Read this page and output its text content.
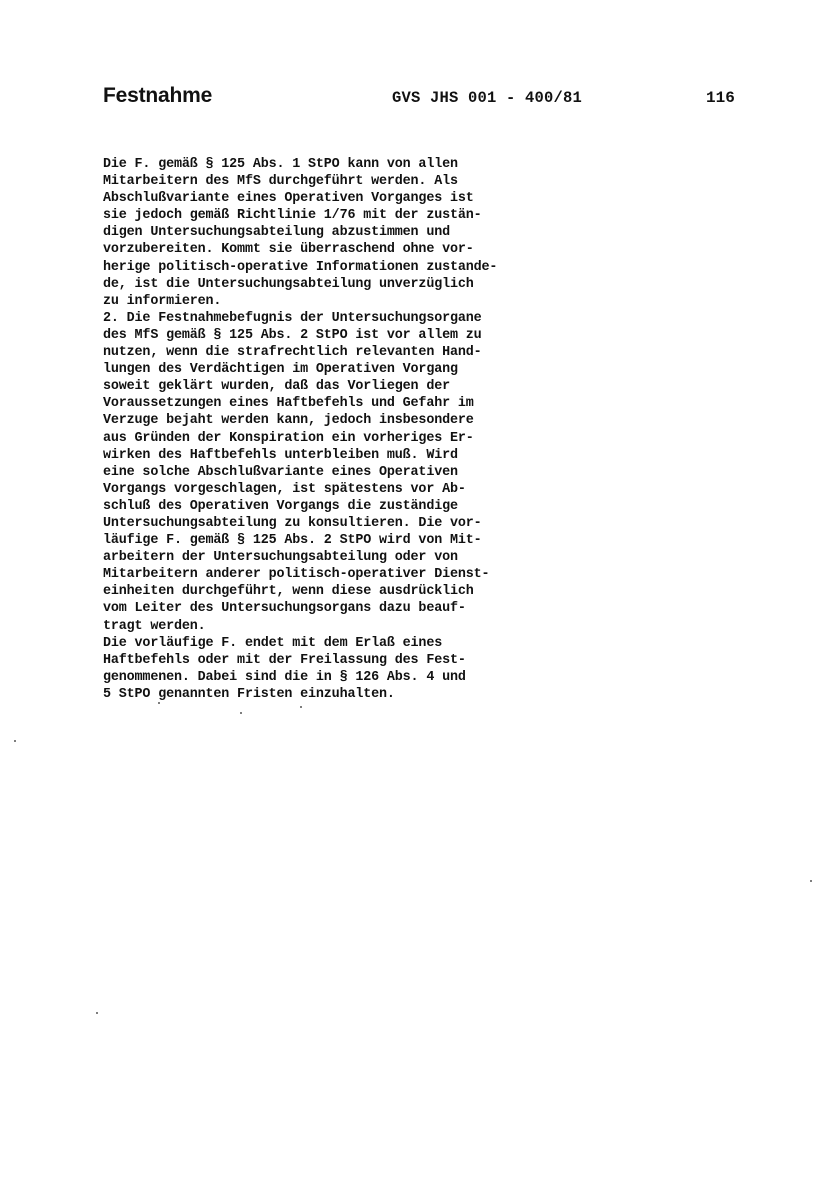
Festnahme	GVS JHS 001 - 400/81	116
Die F. gemäß § 125 Abs. 1 StPO kann von allen
Mitarbeitern des MfS durchgeführt werden. Als
Abschlußvariante eines Operativen Vorganges ist
sie jedoch gemäß Richtlinie 1/76 mit der zustän-
digen Untersuchungsabteilung abzustimmen und
vorzubereiten. Kommt sie überraschend ohne vor-
herige politisch-operative Informationen zustande-
de, ist die Untersuchungsabteilung unverzüglich
zu informieren.
2. Die Festnahmebefugnis der Untersuchungsorgane
des MfS gemäß § 125 Abs. 2 StPO ist vor allem zu
nutzen, wenn die strafrechtlich relevanten Hand-
lungen des Verdächtigen im Operativen Vorgang
soweit geklärt wurden, daß das Vorliegen der
Voraussetzungen eines Haftbefehls und Gefahr im
Verzuge bejaht werden kann, jedoch insbesondere
aus Gründen der Konspiration ein vorheriges Er-
wirken des Haftbefehls unterbleiben muß. Wird
eine solche Abschlußvariante eines Operativen
Vorgangs vorgeschlagen, ist spätestens vor Ab-
schluß des Operativen Vorgangs die zuständige
Untersuchungsabteilung zu konsultieren. Die vor-
läufige F. gemäß § 125 Abs. 2 StPO wird von Mit-
arbeitern der Untersuchungsabteilung oder von
Mitarbeitern anderer politisch-operativer Dienst-
einheiten durchgeführt, wenn diese ausdrücklich
vom Leiter des Untersuchungsorgans dazu beauf-
tragt werden.
Die vorläufige F. endet mit dem Erlaß eines
Haftbefehls oder mit der Freilassung des Fest-
genommenen. Dabei sind die in § 126 Abs. 4 und
5 StPO genannten Fristen einzuhalten.
